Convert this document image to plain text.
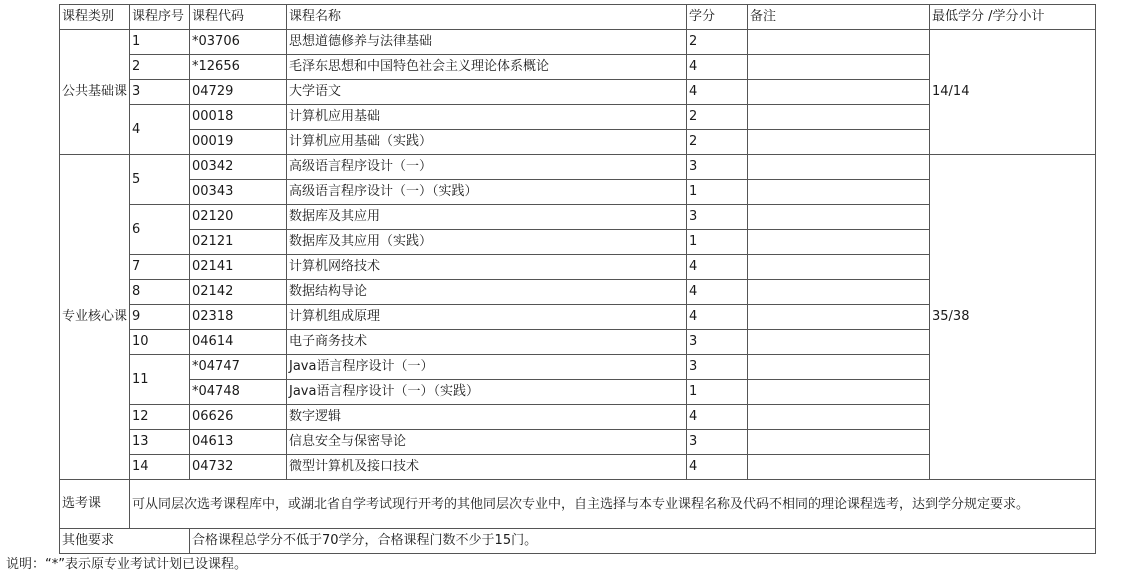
课程类别	课程序号	课程代码	课程名称	学分	备注	最低学分 /学分小计
公共基础课	1	*03706	思想道德修养与法律基础	2		14/14
	2	*12656	毛泽东思想和中国特色社会主义理论体系概论	4		
	3	04729	大学语文	4		
	4	00018	计算机应用基础	2		
		00019	计算机应用基础（实践）	2		
专业核心课	5	00342	高级语言程序设计（一）	3		35/38
		00343	高级语言程序设计（一）（实践）	1		
	6	02120	数据库及其应用	3		
		02121	数据库及其应用（实践）	1		
	7	02141	计算机网络技术	4		
	8	02142	数据结构导论	4		
	9	02318	计算机组成原理	4		
	10	04614	电子商务技术	3		
	11	*04747	Java语言程序设计（一）	3		
		*04748	Java语言程序设计（一）（实践）	1		
	12	06626	数字逻辑	4		
	13	04613	信息安全与保密导论	3		
	14	04732	微型计算机及接口技术	4		
选考课	可从同层次选考课程库中，或湖北省自学考试现行开考的其他同层次专业中，自主选择与本专业课程名称及代码不相同的理论课程选考，达到学分规定要求。					
其他要求		合格课程总学分不低于70学分，合格课程门数不少于15门。				
说明：“*”表示原专业考试计划已设课程。
